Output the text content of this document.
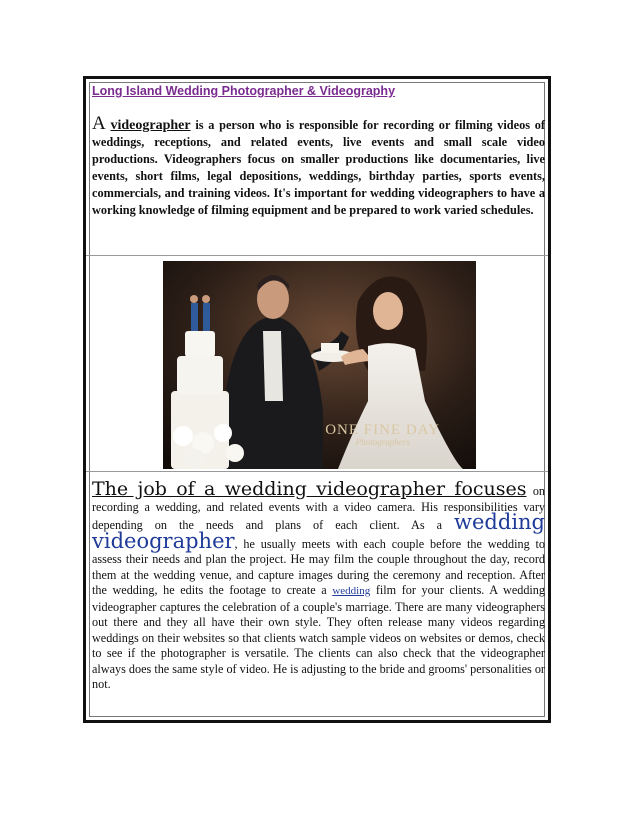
Long Island Wedding Photographer & Videography
A videographer is a person who is responsible for recording or filming videos of weddings, receptions, and related events, live events and small scale video productions. Videographers focus on smaller productions like documentaries, live events, short films, legal depositions, weddings, birthday parties, sports events, commercials, and training videos. It's important for wedding videographers to have a working knowledge of filming equipment and be prepared to work varied schedules.
ONE FINE DAY
Photographers
The job of a wedding videographer focuses on recording a wedding, and related events with a video camera. His responsibilities vary depending on the needs and plans of each client. As a wedding videographer, he usually meets with each couple before the wedding to assess their needs and plan the project. He may film the couple throughout the day, record them at the wedding venue, and capture images during the ceremony and reception. After the wedding, he edits the footage to create a wedding film for your clients. A wedding videographer captures the celebration of a couple's marriage. There are many videographers out there and they all have their own style. They often release many videos regarding weddings on their websites so that clients watch sample videos on websites or demos, check to see if the photographer is versatile. The clients can also check that the videographer always does the same style of video. He is adjusting to the bride and grooms' personalities or not.
